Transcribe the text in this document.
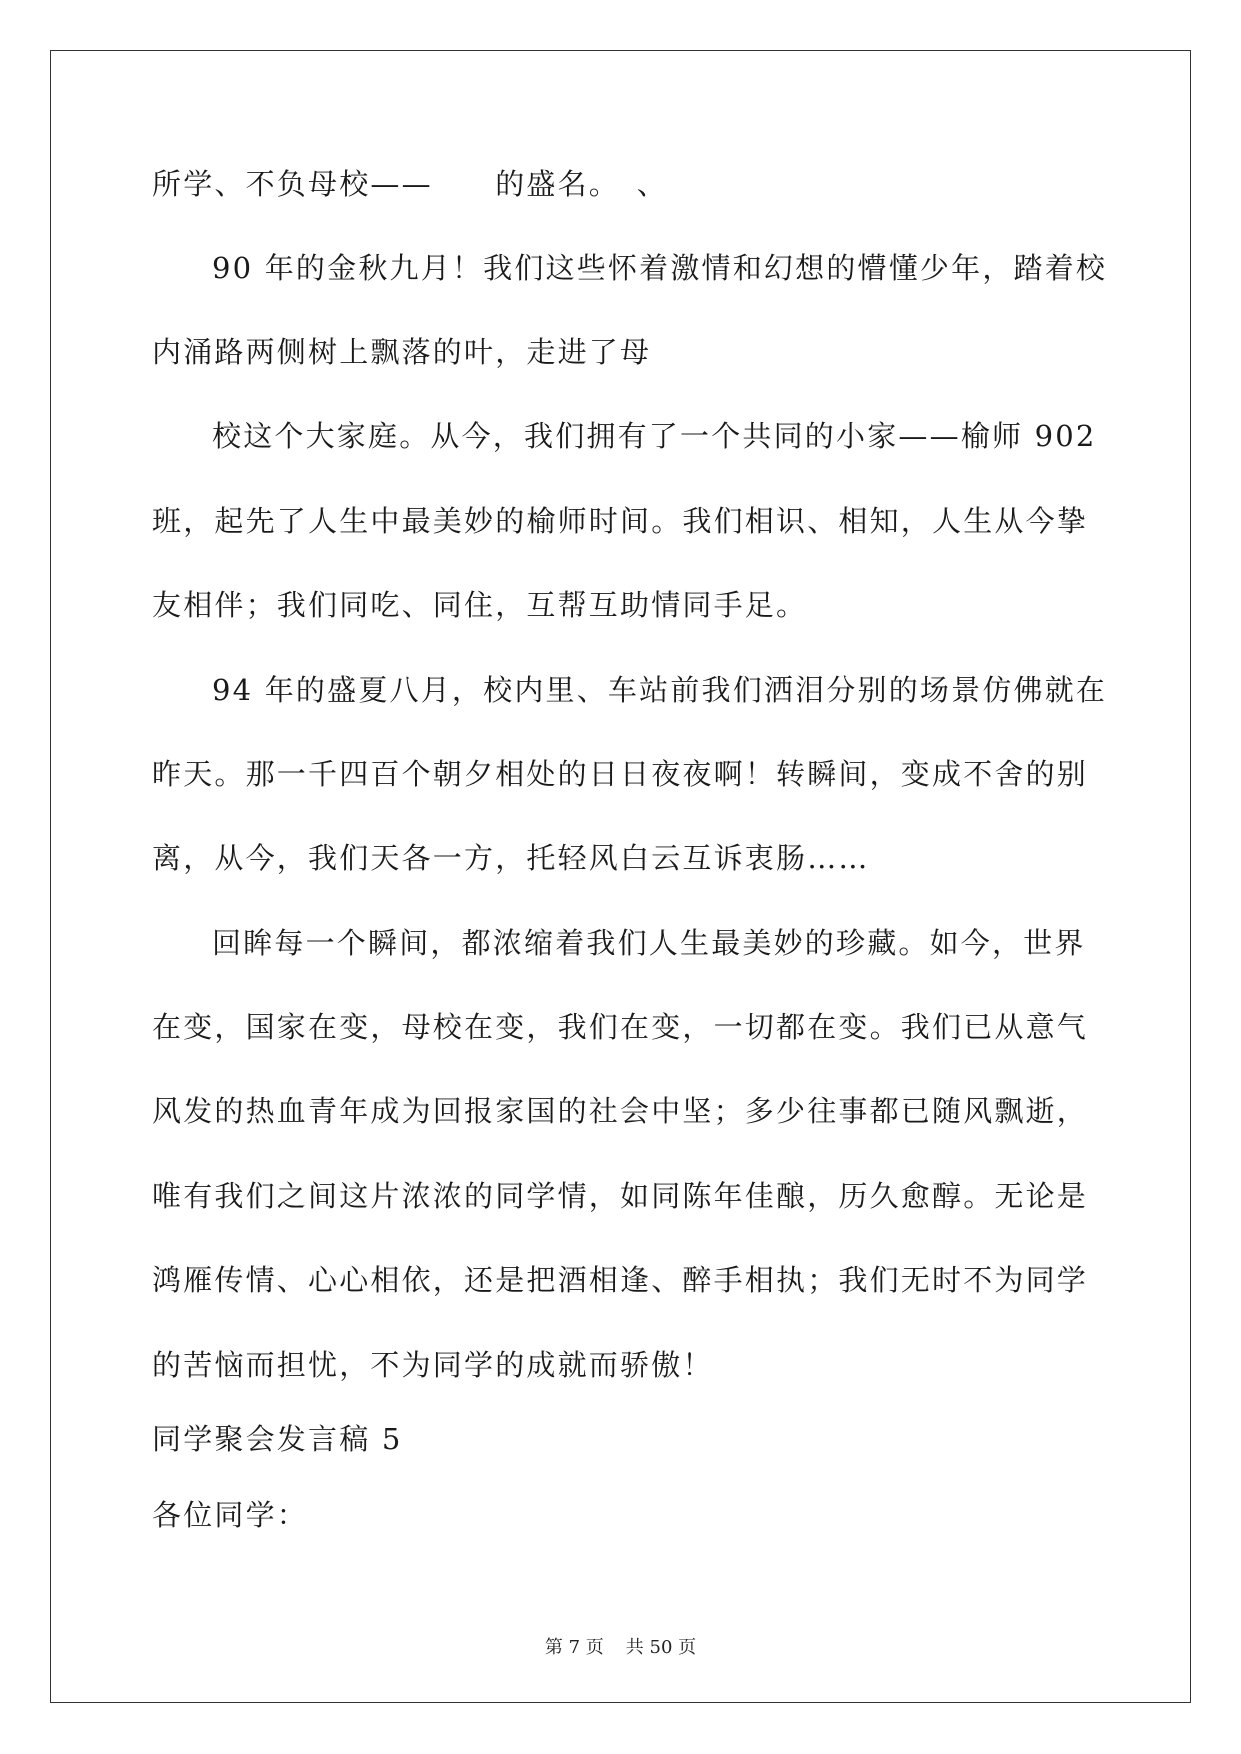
所学、不负母校——　　的盛名。　、
90 年的金秋九月！我们这些怀着激情和幻想的懵懂少年，踏着校
内涌路两侧树上飘落的叶，走进了母
校这个大家庭。从今，我们拥有了一个共同的小家——榆师 902
班，起先了人生中最美妙的榆师时间。我们相识、相知，人生从今挚
友相伴；我们同吃、同住，互帮互助情同手足。
94 年的盛夏八月，校内里、车站前我们洒泪分别的场景仿佛就在
昨天。那一千四百个朝夕相处的日日夜夜啊！转瞬间，变成不舍的别
离，从今，我们天各一方，托轻风白云互诉衷肠……
回眸每一个瞬间，都浓缩着我们人生最美妙的珍藏。如今，世界
在变，国家在变，母校在变，我们在变，一切都在变。我们已从意气
风发的热血青年成为回报家国的社会中坚；多少往事都已随风飘逝，
唯有我们之间这片浓浓的同学情，如同陈年佳酿，历久愈醇。无论是
鸿雁传情、心心相依，还是把酒相逢、醉手相执；我们无时不为同学
的苦恼而担忧，不为同学的成就而骄傲！
同学聚会发言稿 5
各位同学：
第 7 页 共 50 页
